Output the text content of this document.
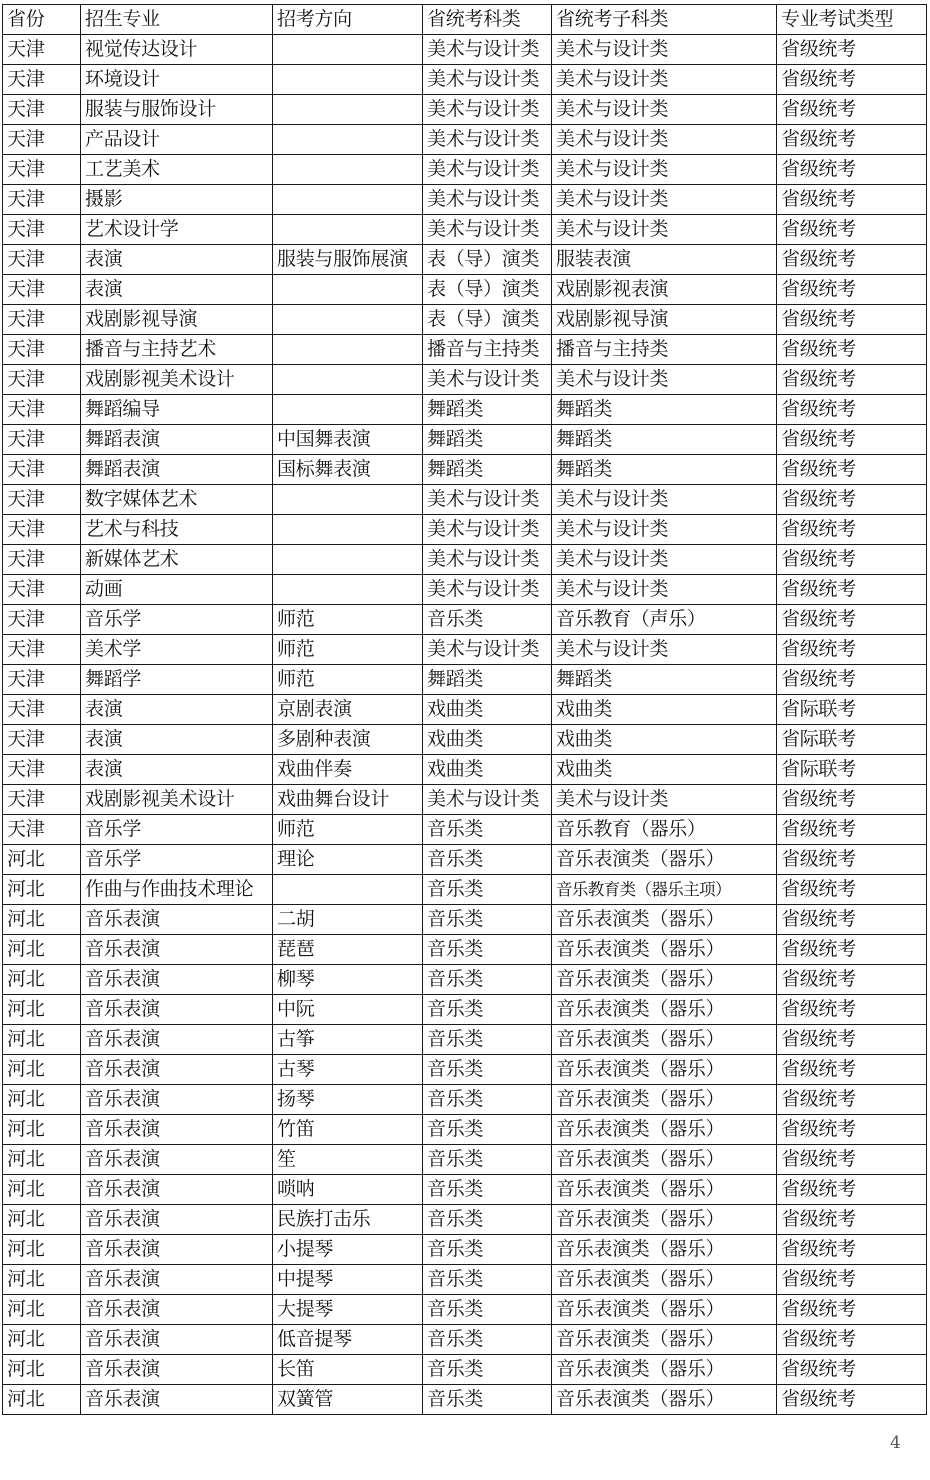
省份	招生专业	招考方向	省统考科类	省统考子科类	专业考试类型
天津	视觉传达设计		美术与设计类	美术与设计类	省级统考
天津	环境设计		美术与设计类	美术与设计类	省级统考
天津	服装与服饰设计		美术与设计类	美术与设计类	省级统考
天津	产品设计		美术与设计类	美术与设计类	省级统考
天津	工艺美术		美术与设计类	美术与设计类	省级统考
天津	摄影		美术与设计类	美术与设计类	省级统考
天津	艺术设计学		美术与设计类	美术与设计类	省级统考
天津	表演	服装与服饰展演	表（导）演类	服装表演	省级统考
天津	表演		表（导）演类	戏剧影视表演	省级统考
天津	戏剧影视导演		表（导）演类	戏剧影视导演	省级统考
天津	播音与主持艺术		播音与主持类	播音与主持类	省级统考
天津	戏剧影视美术设计		美术与设计类	美术与设计类	省级统考
天津	舞蹈编导		舞蹈类	舞蹈类	省级统考
天津	舞蹈表演	中国舞表演	舞蹈类	舞蹈类	省级统考
天津	舞蹈表演	国标舞表演	舞蹈类	舞蹈类	省级统考
天津	数字媒体艺术		美术与设计类	美术与设计类	省级统考
天津	艺术与科技		美术与设计类	美术与设计类	省级统考
天津	新媒体艺术		美术与设计类	美术与设计类	省级统考
天津	动画		美术与设计类	美术与设计类	省级统考
天津	音乐学	师范	音乐类	音乐教育（声乐）	省级统考
天津	美术学	师范	美术与设计类	美术与设计类	省级统考
天津	舞蹈学	师范	舞蹈类	舞蹈类	省级统考
天津	表演	京剧表演	戏曲类	戏曲类	省际联考
天津	表演	多剧种表演	戏曲类	戏曲类	省际联考
天津	表演	戏曲伴奏	戏曲类	戏曲类	省际联考
天津	戏剧影视美术设计	戏曲舞台设计	美术与设计类	美术与设计类	省级统考
天津	音乐学	师范	音乐类	音乐教育（器乐）	省级统考
河北	音乐学	理论	音乐类	音乐表演类（器乐）	省级统考
河北	作曲与作曲技术理论		音乐类	音乐教育类（器乐主项）	省级统考
河北	音乐表演	二胡	音乐类	音乐表演类（器乐）	省级统考
河北	音乐表演	琵琶	音乐类	音乐表演类（器乐）	省级统考
河北	音乐表演	柳琴	音乐类	音乐表演类（器乐）	省级统考
河北	音乐表演	中阮	音乐类	音乐表演类（器乐）	省级统考
河北	音乐表演	古筝	音乐类	音乐表演类（器乐）	省级统考
河北	音乐表演	古琴	音乐类	音乐表演类（器乐）	省级统考
河北	音乐表演	扬琴	音乐类	音乐表演类（器乐）	省级统考
河北	音乐表演	竹笛	音乐类	音乐表演类（器乐）	省级统考
河北	音乐表演	笙	音乐类	音乐表演类（器乐）	省级统考
河北	音乐表演	唢呐	音乐类	音乐表演类（器乐）	省级统考
河北	音乐表演	民族打击乐	音乐类	音乐表演类（器乐）	省级统考
河北	音乐表演	小提琴	音乐类	音乐表演类（器乐）	省级统考
河北	音乐表演	中提琴	音乐类	音乐表演类（器乐）	省级统考
河北	音乐表演	大提琴	音乐类	音乐表演类（器乐）	省级统考
河北	音乐表演	低音提琴	音乐类	音乐表演类（器乐）	省级统考
河北	音乐表演	长笛	音乐类	音乐表演类（器乐）	省级统考
河北	音乐表演	双簧管	音乐类	音乐表演类（器乐）	省级统考
4
